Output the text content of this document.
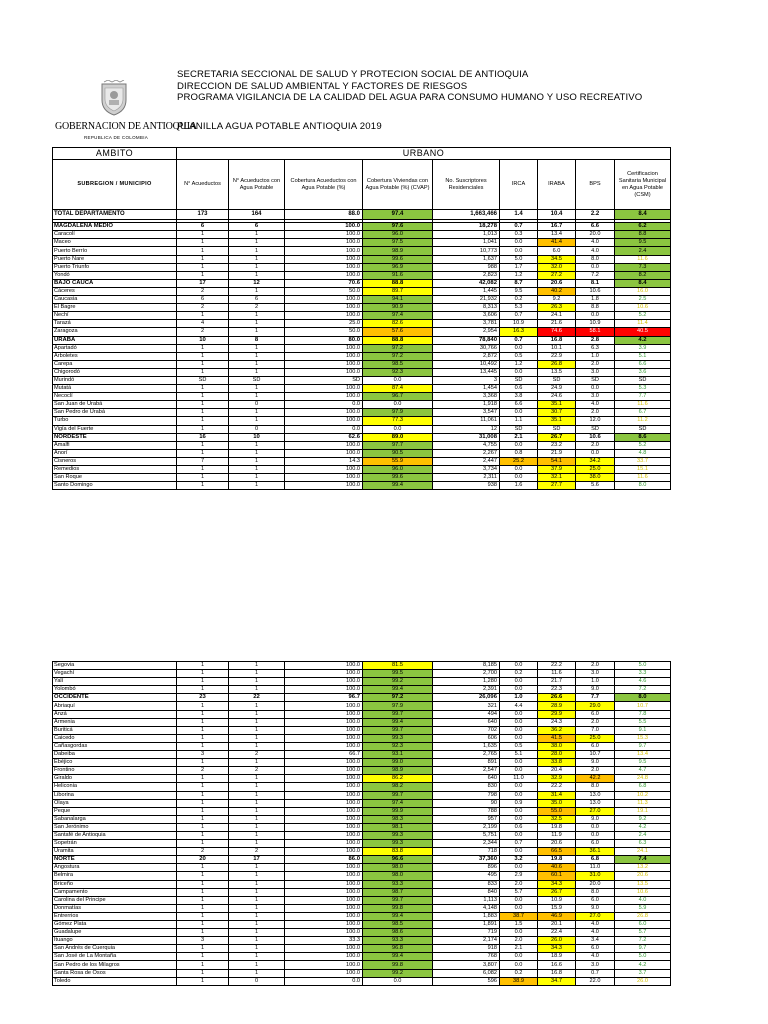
SECRETARIA SECCIONAL DE SALUD Y PROTECION SOCIAL DE ANTIOQUIA
DIRECCION DE SALUD AMBIENTAL Y FACTORES DE RIESGOS
PROGRAMA VIGILANCIA DE LA CALIDAD DEL AGUA PARA CONSUMO HUMANO Y USO RECREATIVO
PLANILLA AGUA POTABLE ANTIOQUIA 2019
GOBERNACION DE ANTIOQUIA
REPUBLICA DE COLOMBIA
AMBITO	URBANO								
SUBREGION / MUNICIPIO	N° Acueductos	N° Acueductos con Agua Potable	Cobertura Acueductos con Agua Potable (%)	Cobertura Viviendas con Agua Potable (%) (CVAP)	No. Suscriptores Residenciales	IRCA	IRABA	BPS	Certificacion Sanitaria Municipal en Agua Potable (CSM)
TOTAL DEPARTAMENTO	173	164	88.0	97.4	1,663,466	1.4	10.4	2.2	8.4

MAGDALENA MEDIO	6	6	100.0	97.6	18,278	0.7	16.7	6.6	6.2
Caracolí	1	1	100.0	96.0	1,013	0.3	13.4	20.0	8.8
Maceo	1	1	100.0	97.5	1,041	0.0	41.4	4.0	9.5
Puerto Berrío	1	1	100.0	98.9	10,773	0.0	6.0	4.0	2.4
Puerto Nare	1	1	100.0	99.6	1,637	5.0	34.5	8.0	11.6
Puerto Triunfo	1	1	100.0	96.9	988	1.7	32.0	0.0	7.3
Yondó	1	1	100.0	91.6	2,823	1.2	27.2	7.2	8.2
BAJO CAUCA	17	12	70.6	88.8	42,082	8.7	20.6	8.1	8.4
Cáceres	2	1	50.0	89.7	1,445	9.5	40.2	10.6	16.0
Caucasia	6	6	100.0	94.1	21,932	0.2	9.2	1.8	2.5
El Bagre	2	2	100.0	90.9	8,313	5.3	26.3	8.8	10.6
Nechí	1	1	100.0	97.4	3,606	0.7	24.1	0.0	5.2
Tarazá	4	1	25.0	82.6	3,781	10.9	21.6	10.9	11.4
Zaragoza	2	1	50.0	57.6	2,954	16.3	74.6	58.1	40.5
URABA	10	8	80.0	88.8	78,840	0.7	16.8	2.8	4.2
Apartadó	1	1	100.0	97.2	30,766	0.0	10.1	6.3	3.9
Arboletes	1	1	100.0	97.2	2,872	0.5	22.9	1.0	5.1
Carepa	1	1	100.0	98.5	10,492	1.2	26.8	2.0	6.6
Chigorodó	1	1	100.0	92.3	13,445	0.0	13.5	3.0	3.6
Murindó	SD	SD	SD	0.0	3	SD	SD	SD	SD
Mutatá	1	1	100.0	87.4	1,454	0.6	24.9	0.0	5.3
Necoclí	1	1	100.0	96.7	3,368	3.8	24.6	3.0	7.7
San Juan de Urabá	1	0	0.0	0.0	1,918	6.6	35.1	4.0	11.6
San Pedro de Urabá	1	1	100.0	97.9	3,547	0.0	30.7	2.0	6.7
Turbo	1	1	100.0	77.3	11,061	1.1	35.1	12.0	11.2
Vigía del Fuerte	1	0	0.0	0.0	12	SD	SD	SD	SD
NORDESTE	16	10	62.6	89.0	31,008	2.1	26.7	10.6	8.6
Amalfi	1	1	100.0	97.7	4,755	0.0	23.2	2.0	5.2
Anorí	1	1	100.0	90.5	2,267	0.8	21.9	0.0	4.8
Cisneros	7	1	14.3	55.9	2,447	25.2	54.1	34.2	33.7
Remedios	1	1	100.0	96.0	3,734	0.0	37.9	25.0	15.1
San Roque	1	1	100.0	99.6	2,311	0.0	32.1	38.0	11.6
Santo Domingo	1	1	100.0	99.4	938	1.6	27.7	5.6	8.0
Segovia	1	1	100.0	81.5	8,185	0.0	22.2	2.0	5.0
Vegachí	1	1	100.0	99.5	2,700	0.2	11.6	3.0	3.3
Yalí	1	1	100.0	99.2	1,280	0.0	21.7	1.0	4.6
Yolombó	1	1	100.0	99.4	2,391	0.0	22.3	9.0	7.2
OCCIDENTE	23	22	96.7	97.2	26,096	1.0	26.6	7.7	8.0
Abriaquí	1	1	100.0	97.9	321	4.4	28.9	29.0	10.7
Anzá	1	1	100.0	99.7	494	0.0	29.9	6.0	7.8
Armenia	1	1	100.0	99.4	640	0.0	24.3	2.0	5.5
Buriticá	1	1	100.0	99.7	702	0.0	36.2	7.0	9.1
Caicedo	1	1	100.0	99.3	606	0.0	41.5	25.0	15.3
Cañasgordas	1	1	100.0	92.3	1,635	0.5	38.0	6.0	9.7
Dabeiba	3	2	66.7	93.1	2,765	5.1	28.0	10.7	13.4
Ebéjico	1	1	100.0	99.0	891	0.0	33.8	9.0	9.5
Frontino	2	2	100.0	98.9	2,547	0.0	20.4	2.0	4.7
Giraldo	1	1	100.0	86.2	640	11.0	32.9	42.2	24.8
Heliconia	1	1	100.0	98.2	830	0.0	22.2	8.0	6.8
Liborina	1	1	100.0	99.7	798	0.0	31.4	13.0	10.2
Olaya	1	1	100.0	97.4	90	0.9	35.0	13.0	11.3
Peque	1	1	100.0	99.9	788	0.0	55.0	27.0	19.1
Sabanalarga	1	1	100.0	98.3	957	0.0	32.5	9.0	9.2
San Jerónimo	1	1	100.0	98.1	2,199	0.6	19.8	0.0	4.2
Santafé de Antioquia	1	1	100.0	99.3	5,751	0.0	11.9	0.0	2.4
Sopetrán	1	1	100.0	99.3	2,344	0.7	20.6	6.0	6.3
Uramita	2	2	100.0	83.8	718	0.0	66.5	36.1	24.1
NORTE	20	17	86.0	96.6	37,360	3.2	19.8	6.8	7.4
Angostura	1	1	100.0	98.0	896	0.0	40.6	11.0	13.2
Belmira	1	1	100.0	98.0	495	2.9	60.1	31.0	20.6
Briceño	1	1	100.0	93.3	833	2.0	34.3	20.0	13.5
Campamento	1	1	100.0	98.7	840	5.7	26.7	8.0	10.6
Carolina del Principe	1	1	100.0	99.7	1,113	0.0	10.9	6.0	4.0
Donmatías	1	1	100.0	99.8	4,148	0.0	15.9	9.0	5.9
Entrerrios	1	1	100.0	99.4	1,883	38.7	46.9	27.0	26.8
Gómez Plata	1	1	100.0	98.5	1,891	1.5	20.1	4.0	6.0
Guadalupe	1	1	100.0	98.6	719	0.0	22.4	4.0	5.7
Ituango	3	1	33.3	93.3	2,174	2.0	26.0	3.4	7.2
San Andrés de Cuerquia	1	1	100.0	96.8	918	2.1	34.3	6.0	9.7
San José de La Montaña	1	1	100.0	99.4	768	0.0	18.9	4.0	5.0
San Pedro de los Milagros	1	1	100.0	99.8	3,807	0.0	16.6	3.0	4.2
Santa Rosa de Osos	1	1	100.0	99.2	6,082	0.2	16.8	0.7	3.7
Toledo	1	0	0.0	0.0	596	38.9	34.7	22.0	26.0
